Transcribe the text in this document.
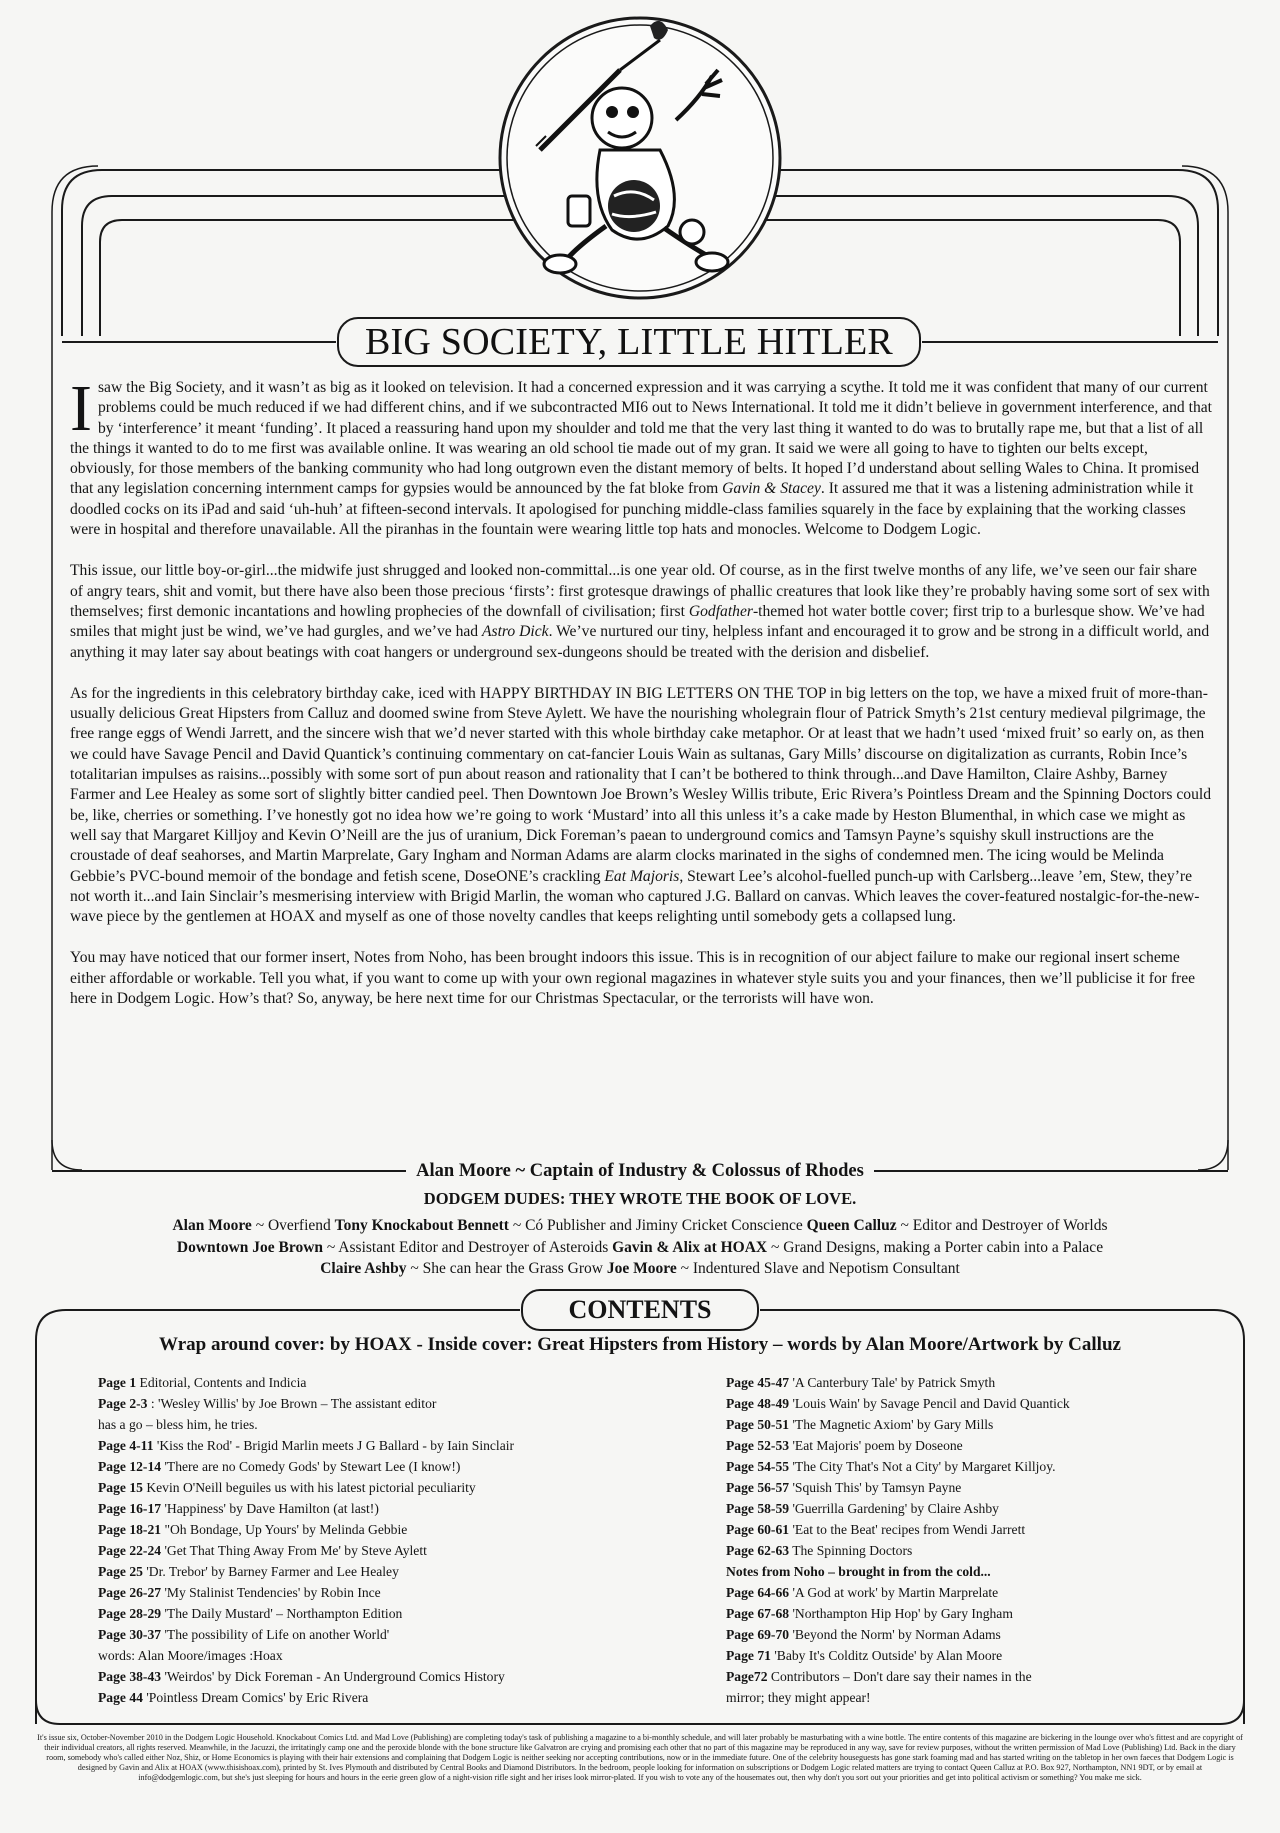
BIG SOCIETY, LITTLE HITLER

I saw the Big Society, and it wasn’t as big as it looked on television. It had a concerned expression and it was carrying a scythe. It told me it was confident that many of our current problems could be much reduced if we had different chins, and if we subcontracted MI6 out to News International. It told me it didn’t believe in government interference, and that by ‘interference’ it meant ‘funding’. It placed a reassuring hand upon my shoulder and told me that the very last thing it wanted to do was to brutally rape me, but that a list of all the things it wanted to do to me first was available online. It was wearing an old school tie made out of my gran. It said we were all going to have to tighten our belts except, obviously, for those members of the banking community who had long outgrown even the distant memory of belts. It hoped I’d understand about selling Wales to China. It promised that any legislation concerning internment camps for gypsies would be announced by the fat bloke from Gavin & Stacey. It assured me that it was a listening administration while it doodled cocks on its iPad and said ‘uh-huh’ at fifteen-second intervals. It apologised for punching middle-class families squarely in the face by explaining that the working classes were in hospital and therefore unavailable. All the piranhas in the fountain were wearing little top hats and monocles. Welcome to Dodgem Logic.

This issue, our little boy-or-girl...the midwife just shrugged and looked non-committal...is one year old. Of course, as in the first twelve months of any life, we’ve seen our fair share of angry tears, shit and vomit, but there have also been those precious ‘firsts’: first grotesque drawings of phallic creatures that look like they’re probably having some sort of sex with themselves; first demonic incantations and howling prophecies of the downfall of civilisation; first Godfather-themed hot water bottle cover; first trip to a burlesque show. We’ve had smiles that might just be wind, we’ve had gurgles, and we’ve had Astro Dick. We’ve nurtured our tiny, helpless infant and encouraged it to grow and be strong in a difficult world, and anything it may later say about beatings with coat hangers or underground sex-dungeons should be treated with the derision and disbelief.

As for the ingredients in this celebratory birthday cake, iced with HAPPY BIRTHDAY IN BIG LETTERS ON THE TOP in big letters on the top, we have a mixed fruit of more-than-usually delicious Great Hipsters from Calluz and doomed swine from Steve Aylett. We have the nourishing wholegrain flour of Patrick Smyth’s 21st century medieval pilgrimage, the free range eggs of Wendi Jarrett, and the sincere wish that we’d never started with this whole birthday cake metaphor. Or at least that we hadn’t used ‘mixed fruit’ so early on, as then we could have Savage Pencil and David Quantick’s continuing commentary on cat-fancier Louis Wain as sultanas, Gary Mills’ discourse on digitalization as currants, Robin Ince’s totalitarian impulses as raisins...possibly with some sort of pun about reason and rationality that I can’t be bothered to think through...and Dave Hamilton, Claire Ashby, Barney Farmer and Lee Healey as some sort of slightly bitter candied peel. Then Downtown Joe Brown’s Wesley Willis tribute, Eric Rivera’s Pointless Dream and the Spinning Doctors could be, like, cherries or something. I’ve honestly got no idea how we’re going to work ‘Mustard’ into all this unless it’s a cake made by Heston Blumenthal, in which case we might as well say that Margaret Killjoy and Kevin O’Neill are the jus of uranium, Dick Foreman’s paean to underground comics and Tamsyn Payne’s squishy skull instructions are the croustade of deaf seahorses, and Martin Marprelate, Gary Ingham and Norman Adams are alarm clocks marinated in the sighs of condemned men. The icing would be Melinda Gebbie’s PVC-bound memoir of the bondage and fetish scene, DoseONE’s crackling Eat Majoris, Stewart Lee’s alcohol-fuelled punch-up with Carlsberg...leave ’em, Stew, they’re not worth it...and Iain Sinclair’s mesmerising interview with Brigid Marlin, the woman who captured J.G. Ballard on canvas. Which leaves the cover-featured nostalgic-for-the-new-wave piece by the gentlemen at HOAX and myself as one of those novelty candles that keeps relighting until somebody gets a collapsed lung.

You may have noticed that our former insert, Notes from Noho, has been brought indoors this issue. This is in recognition of our abject failure to make our regional insert scheme either affordable or workable. Tell you what, if you want to come up with your own regional magazines in whatever style suits you and your finances, then we’ll publicise it for free here in Dodgem Logic. How’s that? So, anyway, be here next time for our Christmas Spectacular, or the terrorists will have won.

Alan Moore ~ Captain of Industry & Colossus of Rhodes
DODGEM DUDES: THEY WROTE THE BOOK OF LOVE.
Alan Moore ~ Overfiend Tony Knockabout Bennett ~ Có Publisher and Jiminy Cricket Conscience Queen Calluz ~ Editor and Destroyer of Worlds
Downtown Joe Brown ~ Assistant Editor and Destroyer of Asteroids Gavin & Alix at HOAX ~ Grand Designs, making a Porter cabin into a Palace
Claire Ashby ~ She can hear the Grass Grow Joe Moore ~ Indentured Slave and Nepotism Consultant
CONTENTS
Wrap around cover: by HOAX - Inside cover: Great Hipsters from History – words by Alan Moore/Artwork by Calluz
Page 1 Editorial, Contents and Indicia
Page 2-3 : 'Wesley Willis' by Joe Brown – The assistant editor
has a go – bless him, he tries.
Page 4-11 'Kiss the Rod' - Brigid Marlin meets J G Ballard - by Iain Sinclair
Page 12-14 'There are no Comedy Gods' by Stewart Lee (I know!)
Page 15 Kevin O'Neill beguiles us with his latest pictorial peculiarity
Page 16-17 'Happiness' by Dave Hamilton (at last!)
Page 18-21 "Oh Bondage, Up Yours' by Melinda Gebbie
Page 22-24 'Get That Thing Away From Me' by Steve Aylett
Page 25 'Dr. Trebor' by Barney Farmer and Lee Healey
Page 26-27 'My Stalinist Tendencies' by Robin Ince
Page 28-29 'The Daily Mustard' – Northampton Edition
Page 30-37 'The possibility of Life on another World'
words: Alan Moore/images :Hoax
Page 38-43 'Weirdos' by Dick Foreman - An Underground Comics History
Page 44 'Pointless Dream Comics' by Eric Rivera
Page 45-47 'A Canterbury Tale' by Patrick Smyth
Page 48-49 'Louis Wain' by Savage Pencil and David Quantick
Page 50-51 'The Magnetic Axiom' by Gary Mills
Page 52-53 'Eat Majoris' poem by Doseone
Page 54-55 'The City That's Not a City' by Margaret Killjoy.
Page 56-57 'Squish This' by Tamsyn Payne
Page 58-59 'Guerrilla Gardening' by Claire Ashby
Page 60-61 'Eat to the Beat' recipes from Wendi Jarrett
Page 62-63 The Spinning Doctors
Notes from Noho – brought in from the cold...
Page 64-66 'A God at work' by Martin Marprelate
Page 67-68 'Northampton Hip Hop' by Gary Ingham
Page 69-70 'Beyond the Norm' by Norman Adams
Page 71 'Baby It's Colditz Outside' by Alan Moore
Page72 Contributors – Don't dare say their names in the
mirror; they might appear!
It's issue six, October-November 2010 in the Dodgem Logic Household. Knockabout Comics Ltd. and Mad Love (Publishing) are completing today's task of publishing a magazine to a bi-monthly schedule, and will later probably be masturbating with a wine bottle. The entire contents of this magazine are bickering in the lounge over who's fittest and are copyright of their individual creators, all rights reserved. Meanwhile, in the Jacuzzi, the irritatingly camp one and the peroxide blonde with the bone structure like Galvatron are crying and promising each other that no part of this magazine may be reproduced in any way, save for review purposes, without the written permission of Mad Love (Publishing) Ltd. Back in the diary room, somebody who's called either Noz, Shiz, or Home Economics is playing with their hair extensions and complaining that Dodgem Logic is neither seeking nor accepting contributions, now or in the immediate future. One of the celebrity houseguests has gone stark foaming mad and has started writing on the tabletop in her own faeces that Dodgem Logic is designed by Gavin and Alix at HOAX (www.thisishoax.com), printed by St. Ives Plymouth and distributed by Central Books and Diamond Distributors. In the bedroom, people looking for information on subscriptions or Dodgem Logic related matters are trying to contact Queen Calluz at P.O. Box 927, Northampton, NN1 9DT, or by email at info@dodgemlogic.com, but she's just sleeping for hours and hours in the eerie green glow of a night-vision rifle sight and her irises look mirror-plated. If you wish to vote any of the housemates out, then why don't you sort out your priorities and get into political activism or something? You make me sick.
